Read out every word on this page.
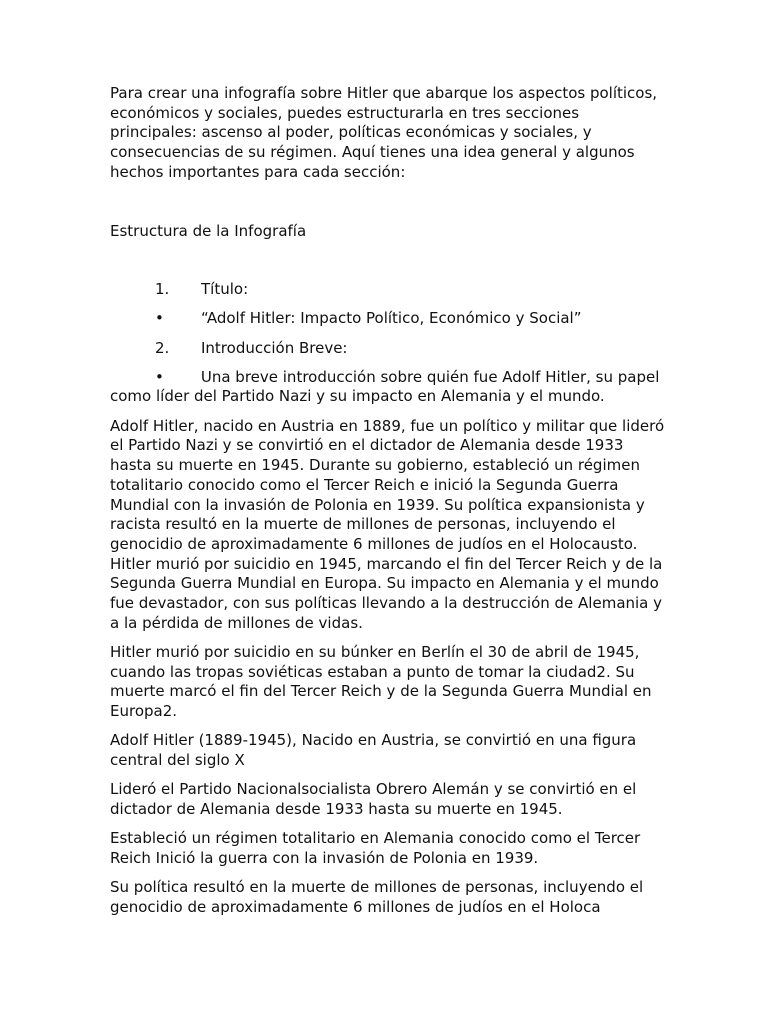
Para crear una infografía sobre Hitler que abarque los aspectos políticos, económicos y sociales, puedes estructurarla en tres secciones principales: ascenso al poder, políticas económicas y sociales, y consecuencias de su régimen. Aquí tienes una idea general y algunos hechos importantes para cada sección:

Estructura de la Infografía

1. Título:
• “Adolf Hitler: Impacto Político, Económico y Social”
2. Introducción Breve:

• Una breve introducción sobre quién fue Adolf Hitler, su papel como líder del Partido Nazi y su impacto en Alemania y el mundo.

Adolf Hitler, nacido en Austria en 1889, fue un político y militar que lideró el Partido Nazi y se convirtió en el dictador de Alemania desde 1933 hasta su muerte en 1945. Durante su gobierno, estableció un régimen totalitario conocido como el Tercer Reich e inició la Segunda Guerra Mundial con la invasión de Polonia en 1939. Su política expansionista y racista resultó en la muerte de millones de personas, incluyendo el genocidio de aproximadamente 6 millones de judíos en el Holocausto. Hitler murió por suicidio en 1945, marcando el fin del Tercer Reich y de la Segunda Guerra Mundial en Europa. Su impacto en Alemania y el mundo fue devastador, con sus políticas llevando a la destrucción de Alemania y a la pérdida de millones de vidas.

Hitler murió por suicidio en su búnker en Berlín el 30 de abril de 1945, cuando las tropas soviéticas estaban a punto de tomar la ciudad2. Su muerte marcó el fin del Tercer Reich y de la Segunda Guerra Mundial en Europa2.

Adolf Hitler (1889-1945), Nacido en Austria, se convirtió en una figura central del siglo X

Lideró el Partido Nacionalsocialista Obrero Alemán y se convirtió en el dictador de Alemania desde 1933 hasta su muerte en 1945.

Estableció un régimen totalitario en Alemania conocido como el Tercer Reich Inició la guerra con la invasión de Polonia en 1939.

Su política resultó en la muerte de millones de personas, incluyendo el genocidio de aproximadamente 6 millones de judíos en el Holoca
